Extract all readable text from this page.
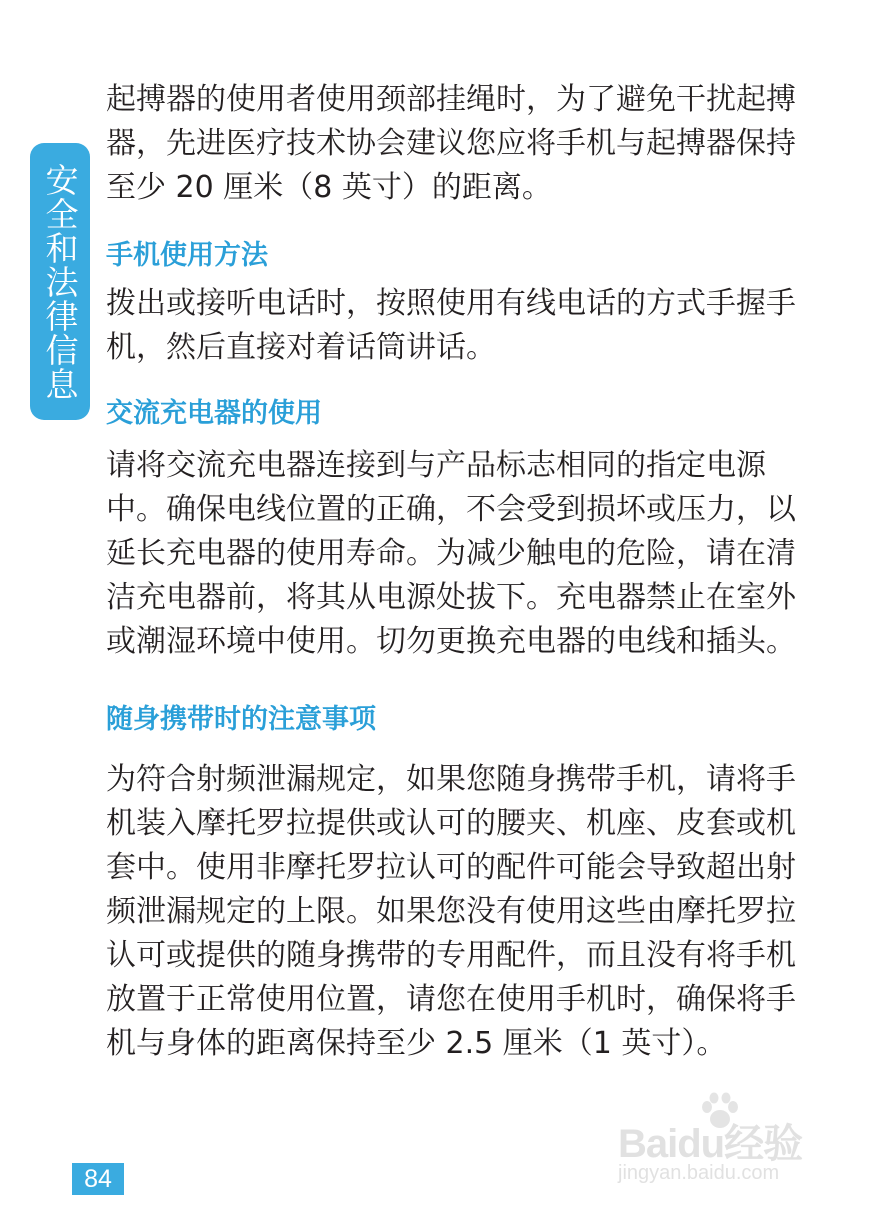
安全和法律信息

起搏器的使用者使用颈部挂绳时，为了避免干扰起搏器，先进医疗技术协会建议您应将手机与起搏器保持至少 20 厘米（8 英寸）的距离。

手机使用方法

拨出或接听电话时，按照使用有线电话的方式手握手机，然后直接对着话筒讲话。

交流充电器的使用

请将交流充电器连接到与产品标志相同的指定电源中。确保电线位置的正确，不会受到损坏或压力，以延长充电器的使用寿命。为减少触电的危险，请在清洁充电器前，将其从电源处拔下。充电器禁止在室外或潮湿环境中使用。切勿更换充电器的电线和插头。

随身携带时的注意事项

为符合射频泄漏规定，如果您随身携带手机，请将手机装入摩托罗拉提供或认可的腰夹、机座、皮套或机套中。使用非摩托罗拉认可的配件可能会导致超出射频泄漏规定的上限。如果您没有使用这些由摩托罗拉认可或提供的随身携带的专用配件，而且没有将手机放置于正常使用位置，请您在使用手机时，确保将手机与身体的距离保持至少 2.5 厘米（1 英寸）。

84
Baidu经验
jingyan.baidu.com
